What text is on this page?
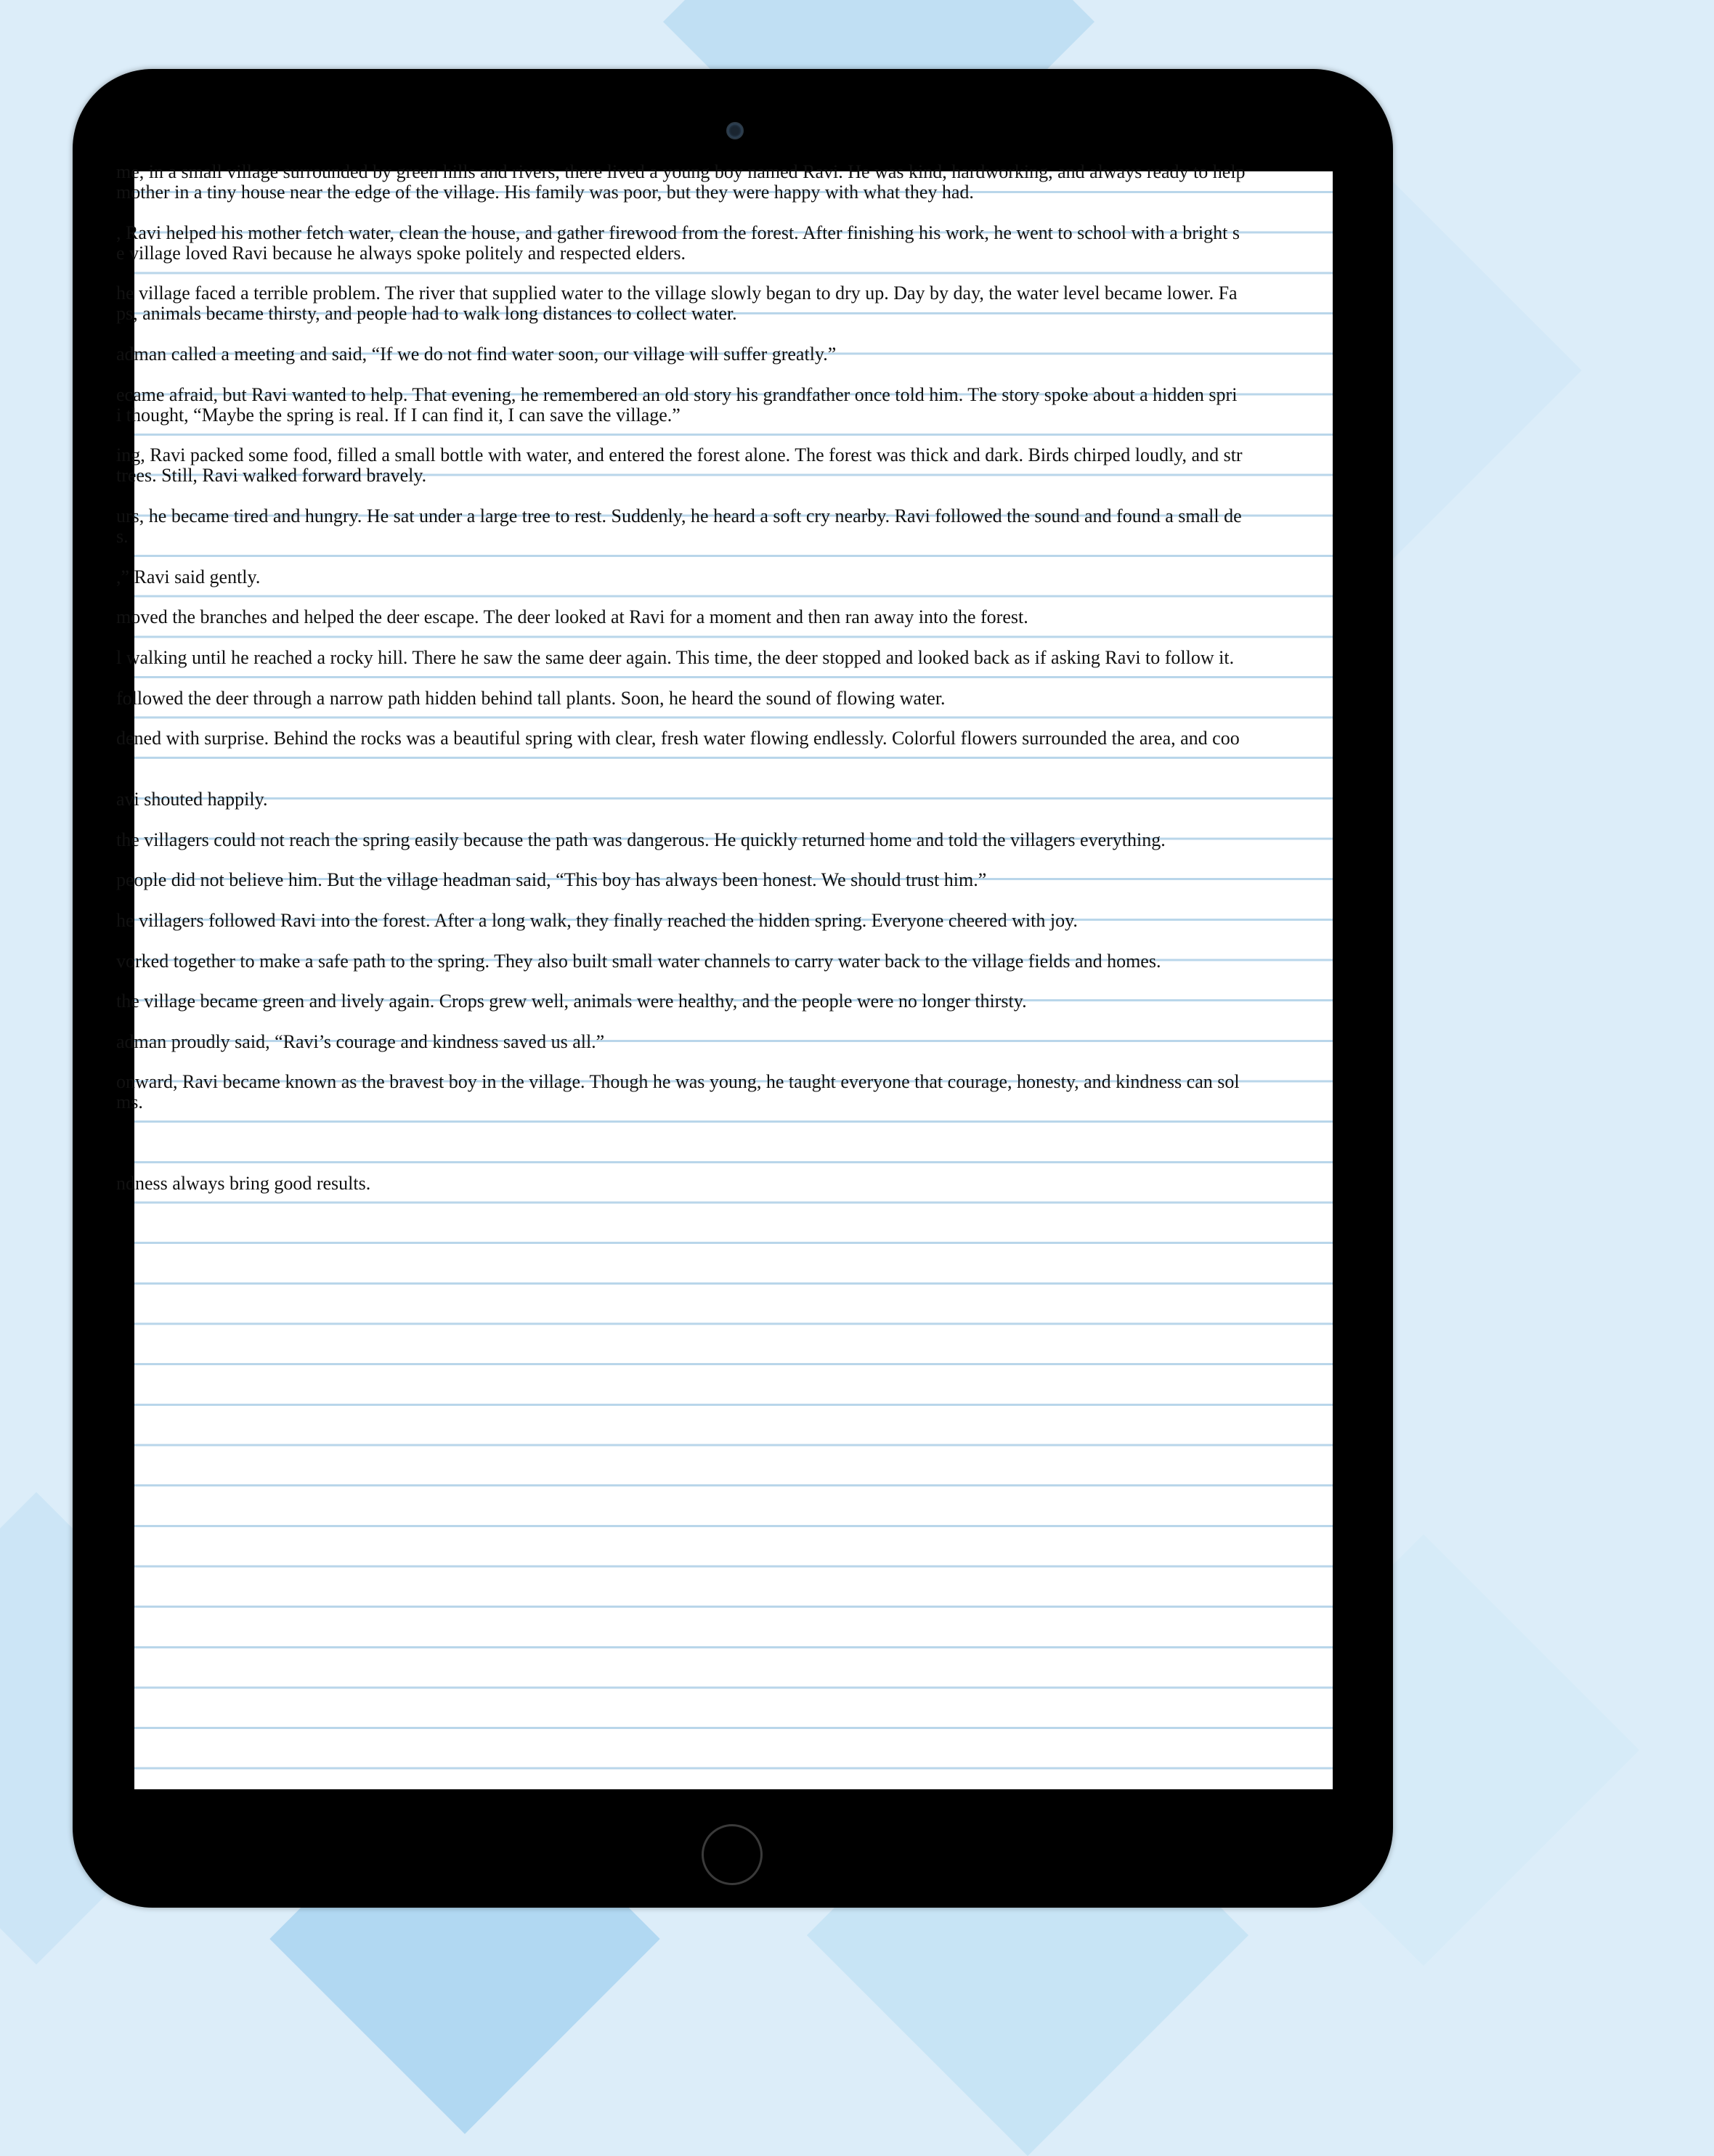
me, in a small village surrounded by green hills and rivers, there lived a young boy named Ravi. He was kind, hardworking, and always ready to help
mother in a tiny house near the edge of the village. His family was poor, but they were happy with what they had.
, Ravi helped his mother fetch water, clean the house, and gather firewood from the forest. After finishing his work, he went to school with a bright s
e village loved Ravi because he always spoke politely and respected elders.
he village faced a terrible problem. The river that supplied water to the village slowly began to dry up. Day by day, the water level became lower. Fa
ps, animals became thirsty, and people had to walk long distances to collect water.
adman called a meeting and said, “If we do not find water soon, our village will suffer greatly.”
ecame afraid, but Ravi wanted to help. That evening, he remembered an old story his grandfather once told him. The story spoke about a hidden spri
i thought, “Maybe the spring is real. If I can find it, I can save the village.”
ing, Ravi packed some food, filled a small bottle with water, and entered the forest alone. The forest was thick and dark. Birds chirped loudly, and str
trees. Still, Ravi walked forward bravely.
urs, he became tired and hungry. He sat under a large tree to rest. Suddenly, he heard a soft cry nearby. Ravi followed the sound and found a small de
s.
,” Ravi said gently.
moved the branches and helped the deer escape. The deer looked at Ravi for a moment and then ran away into the forest.
l walking until he reached a rocky hill. There he saw the same deer again. This time, the deer stopped and looked back as if asking Ravi to follow it.
followed the deer through a narrow path hidden behind tall plants. Soon, he heard the sound of flowing water.
dened with surprise. Behind the rocks was a beautiful spring with clear, fresh water flowing endlessly. Colorful flowers surrounded the area, and coo

avi shouted happily.
the villagers could not reach the spring easily because the path was dangerous. He quickly returned home and told the villagers everything.
people did not believe him. But the village headman said, “This boy has always been honest. We should trust him.”
he villagers followed Ravi into the forest. After a long walk, they finally reached the hidden spring. Everyone cheered with joy.
vorked together to make a safe path to the spring. They also built small water channels to carry water back to the village fields and homes.
the village became green and lively again. Crops grew well, animals were healthy, and the people were no longer thirsty.
adman proudly said, “Ravi’s courage and kindness saved us all.”
onward, Ravi became known as the bravest boy in the village. Though he was young, he taught everyone that courage, honesty, and kindness can sol
ms.

ndness always bring good results.
